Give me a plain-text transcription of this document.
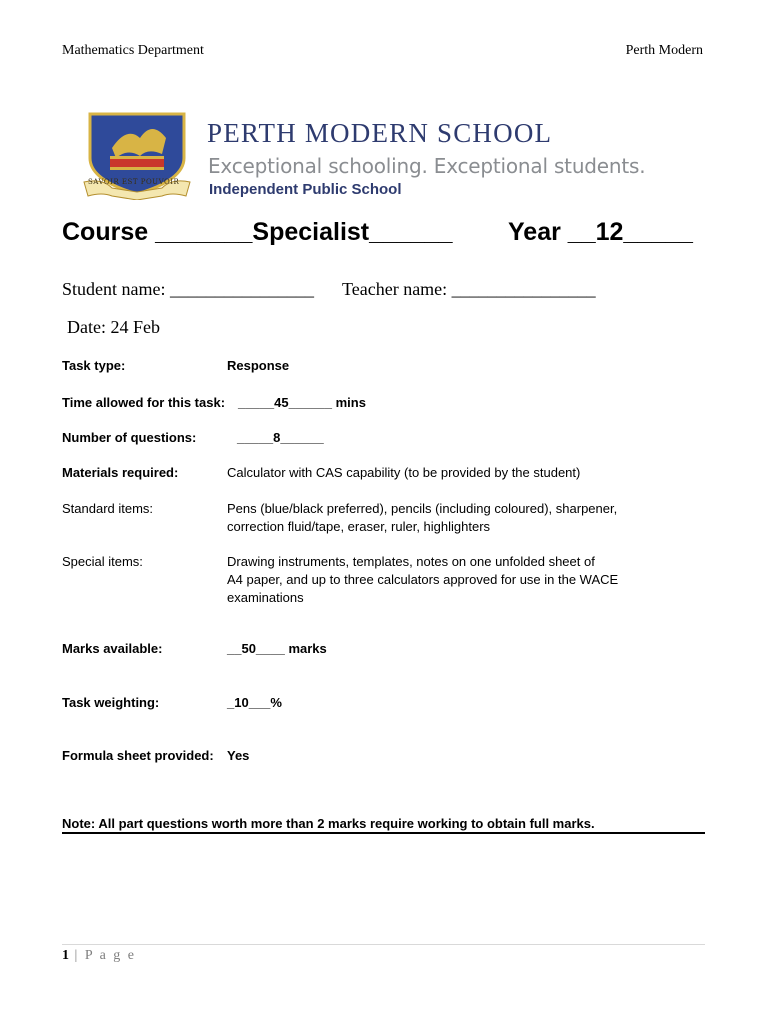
Mathematics Department	Perth Modern
SAVOIR EST POUVOIR
PERTH MODERN SCHOOL
Exceptional schooling. Exceptional students.
Independent Public School
Course _______Specialist______ Year __12_____
Student name: ________________ Teacher name: ________________
Date: 24 Feb
Task type:	Response
Time allowed for this task: _____45______ mins
Number of questions:	_____8______
Materials required:	Calculator with CAS capability (to be provided by the student)
Standard items:	Pens (blue/black preferred), pencils (including coloured), sharpener,
correction fluid/tape, eraser, ruler, highlighters
Special items:	Drawing instruments, templates, notes on one unfolded sheet of
A4 paper, and up to three calculators approved for use in the WACE
examinations
Marks available:	__50____ marks
Task weighting:	_10___%
Formula sheet provided: Yes
Note: All part questions worth more than 2 marks require working to obtain full marks.
1 | P a g e
